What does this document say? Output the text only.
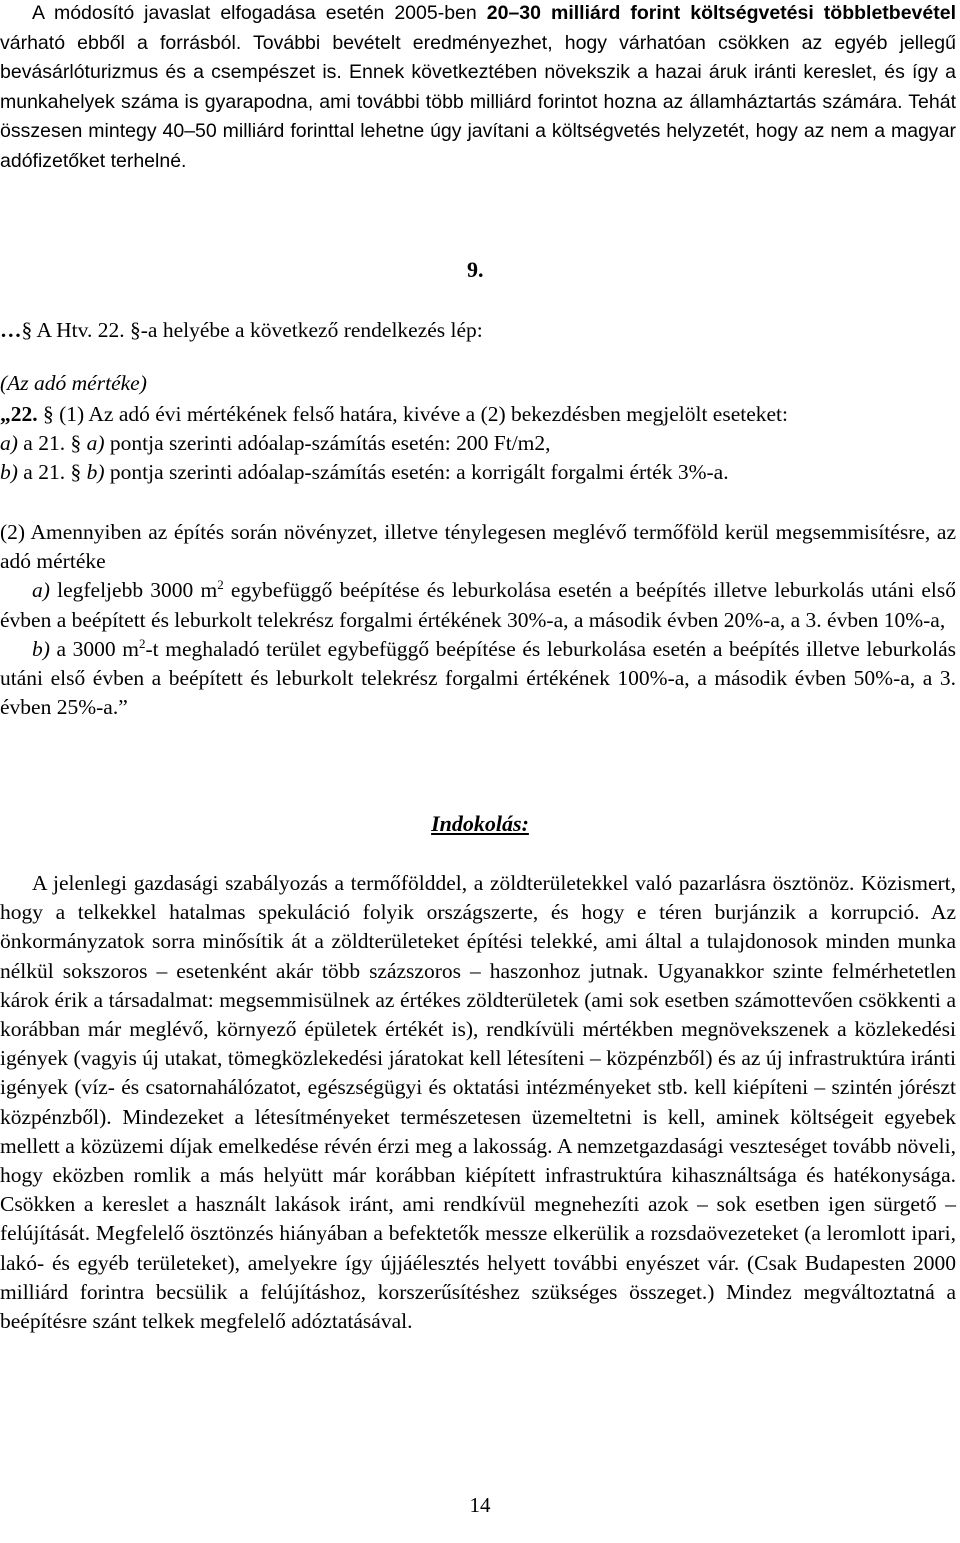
A módosító javaslat elfogadása esetén 2005-ben 20–30 milliárd forint költségvetési többletbevétel várható ebből a forrásból. További bevételt eredményezhet, hogy várhatóan csökken az egyéb jellegű bevásárlóturizmus és a csempészet is. Ennek következtében növekszik a hazai áruk iránti kereslet, és így a munkahelyek száma is gyarapodna, ami további több milliárd forintot hozna az államháztartás számára. Tehát összesen mintegy 40–50 milliárd forinttal lehetne úgy javítani a költségvetés helyzetét, hogy az nem a magyar adófizetőket terhelné.
9.
…§ A Htv. 22. §-a helyébe a következő rendelkezés lép:
(Az adó mértéke)
„22. § (1) Az adó évi mértékének felső határa, kivéve a (2) bekezdésben megjelölt eseteket:
a) a 21. § a) pontja szerinti adóalap-számítás esetén: 200 Ft/m2,
b) a 21. § b) pontja szerinti adóalap-számítás esetén: a korrigált forgalmi érték 3%-a.
(2) Amennyiben az építés során növényzet, illetve ténylegesen meglévő termőföld kerül megsemmisítésre, az adó mértéke
a) legfeljebb 3000 $m^2$ egybefüggő beépítése és leburkolása esetén a beépítés illetve leburkolás utáni első évben a beépített és leburkolt telekrész forgalmi értékének 30%-a, a második évben 20%-a, a 3. évben 10%-a,
b) a 3000 $m^2-t$ meghaladó terület egybefüggő beépítése és leburkolása esetén a beépítés illetve leburkolás utáni első évben a beépített és leburkolt telekrész forgalmi értékének 100%-a, a második évben 50%-a, a 3. évben 25%-a.”
Indokolás:
A jelenlegi gazdasági szabályozás a termőfölddel, a zöldterületekkel való pazarlásra ösztönöz. Közismert, hogy a telkekkel hatalmas spekuláció folyik országszerte, és hogy e téren burjánzik a korrupció. Az önkormányzatok sorra minősítik át a zöldterületeket építési telekké, ami által a tulajdonosok minden munka nélkül sokszoros – esetenként akár több százszoros – haszonhoz jutnak. Ugyanakkor szinte felmérhetetlen károk érik a társadalmat: megsemmisülnek az értékes zöldterületek (ami sok esetben számottevően csökkenti a korábban már meglévő, környező épületek értékét is), rendkívüli mértékben megnövekszenek a közlekedési igények (vagyis új utakat, tömegközlekedési járatokat kell létesíteni – közpénzből) és az új infrastruktúra iránti igények (víz- és csatornahálózatot, egészségügyi és oktatási intézményeket stb. kell kiépíteni – szintén jórészt közpénzből). Mindezeket a létesítményeket természetesen üzemeltetni is kell, aminek költségeit egyebek mellett a közüzemi díjak emelkedése révén érzi meg a lakosság. A nemzetgazdasági veszteséget tovább növeli, hogy eközben romlik a más helyütt már korábban kiépített infrastruktúra kihasználtsága és hatékonysága. Csökken a kereslet a használt lakások iránt, ami rendkívül megnehezíti azok – sok esetben igen sürgető – felújítását. Megfelelő ösztönzés hiányában a befektetők messze elkerülik a rozsdaövezeteket (a leromlott ipari, lakó- és egyéb területeket), amelyekre így újjáélesztés helyett további enyészet vár. (Csak Budapesten 2000 milliárd forintra becsülik a felújításhoz, korszerűsítéshez szükséges összeget.) Mindez megváltoztatná a beépítésre szánt telkek megfelelő adóztatásával.
14
